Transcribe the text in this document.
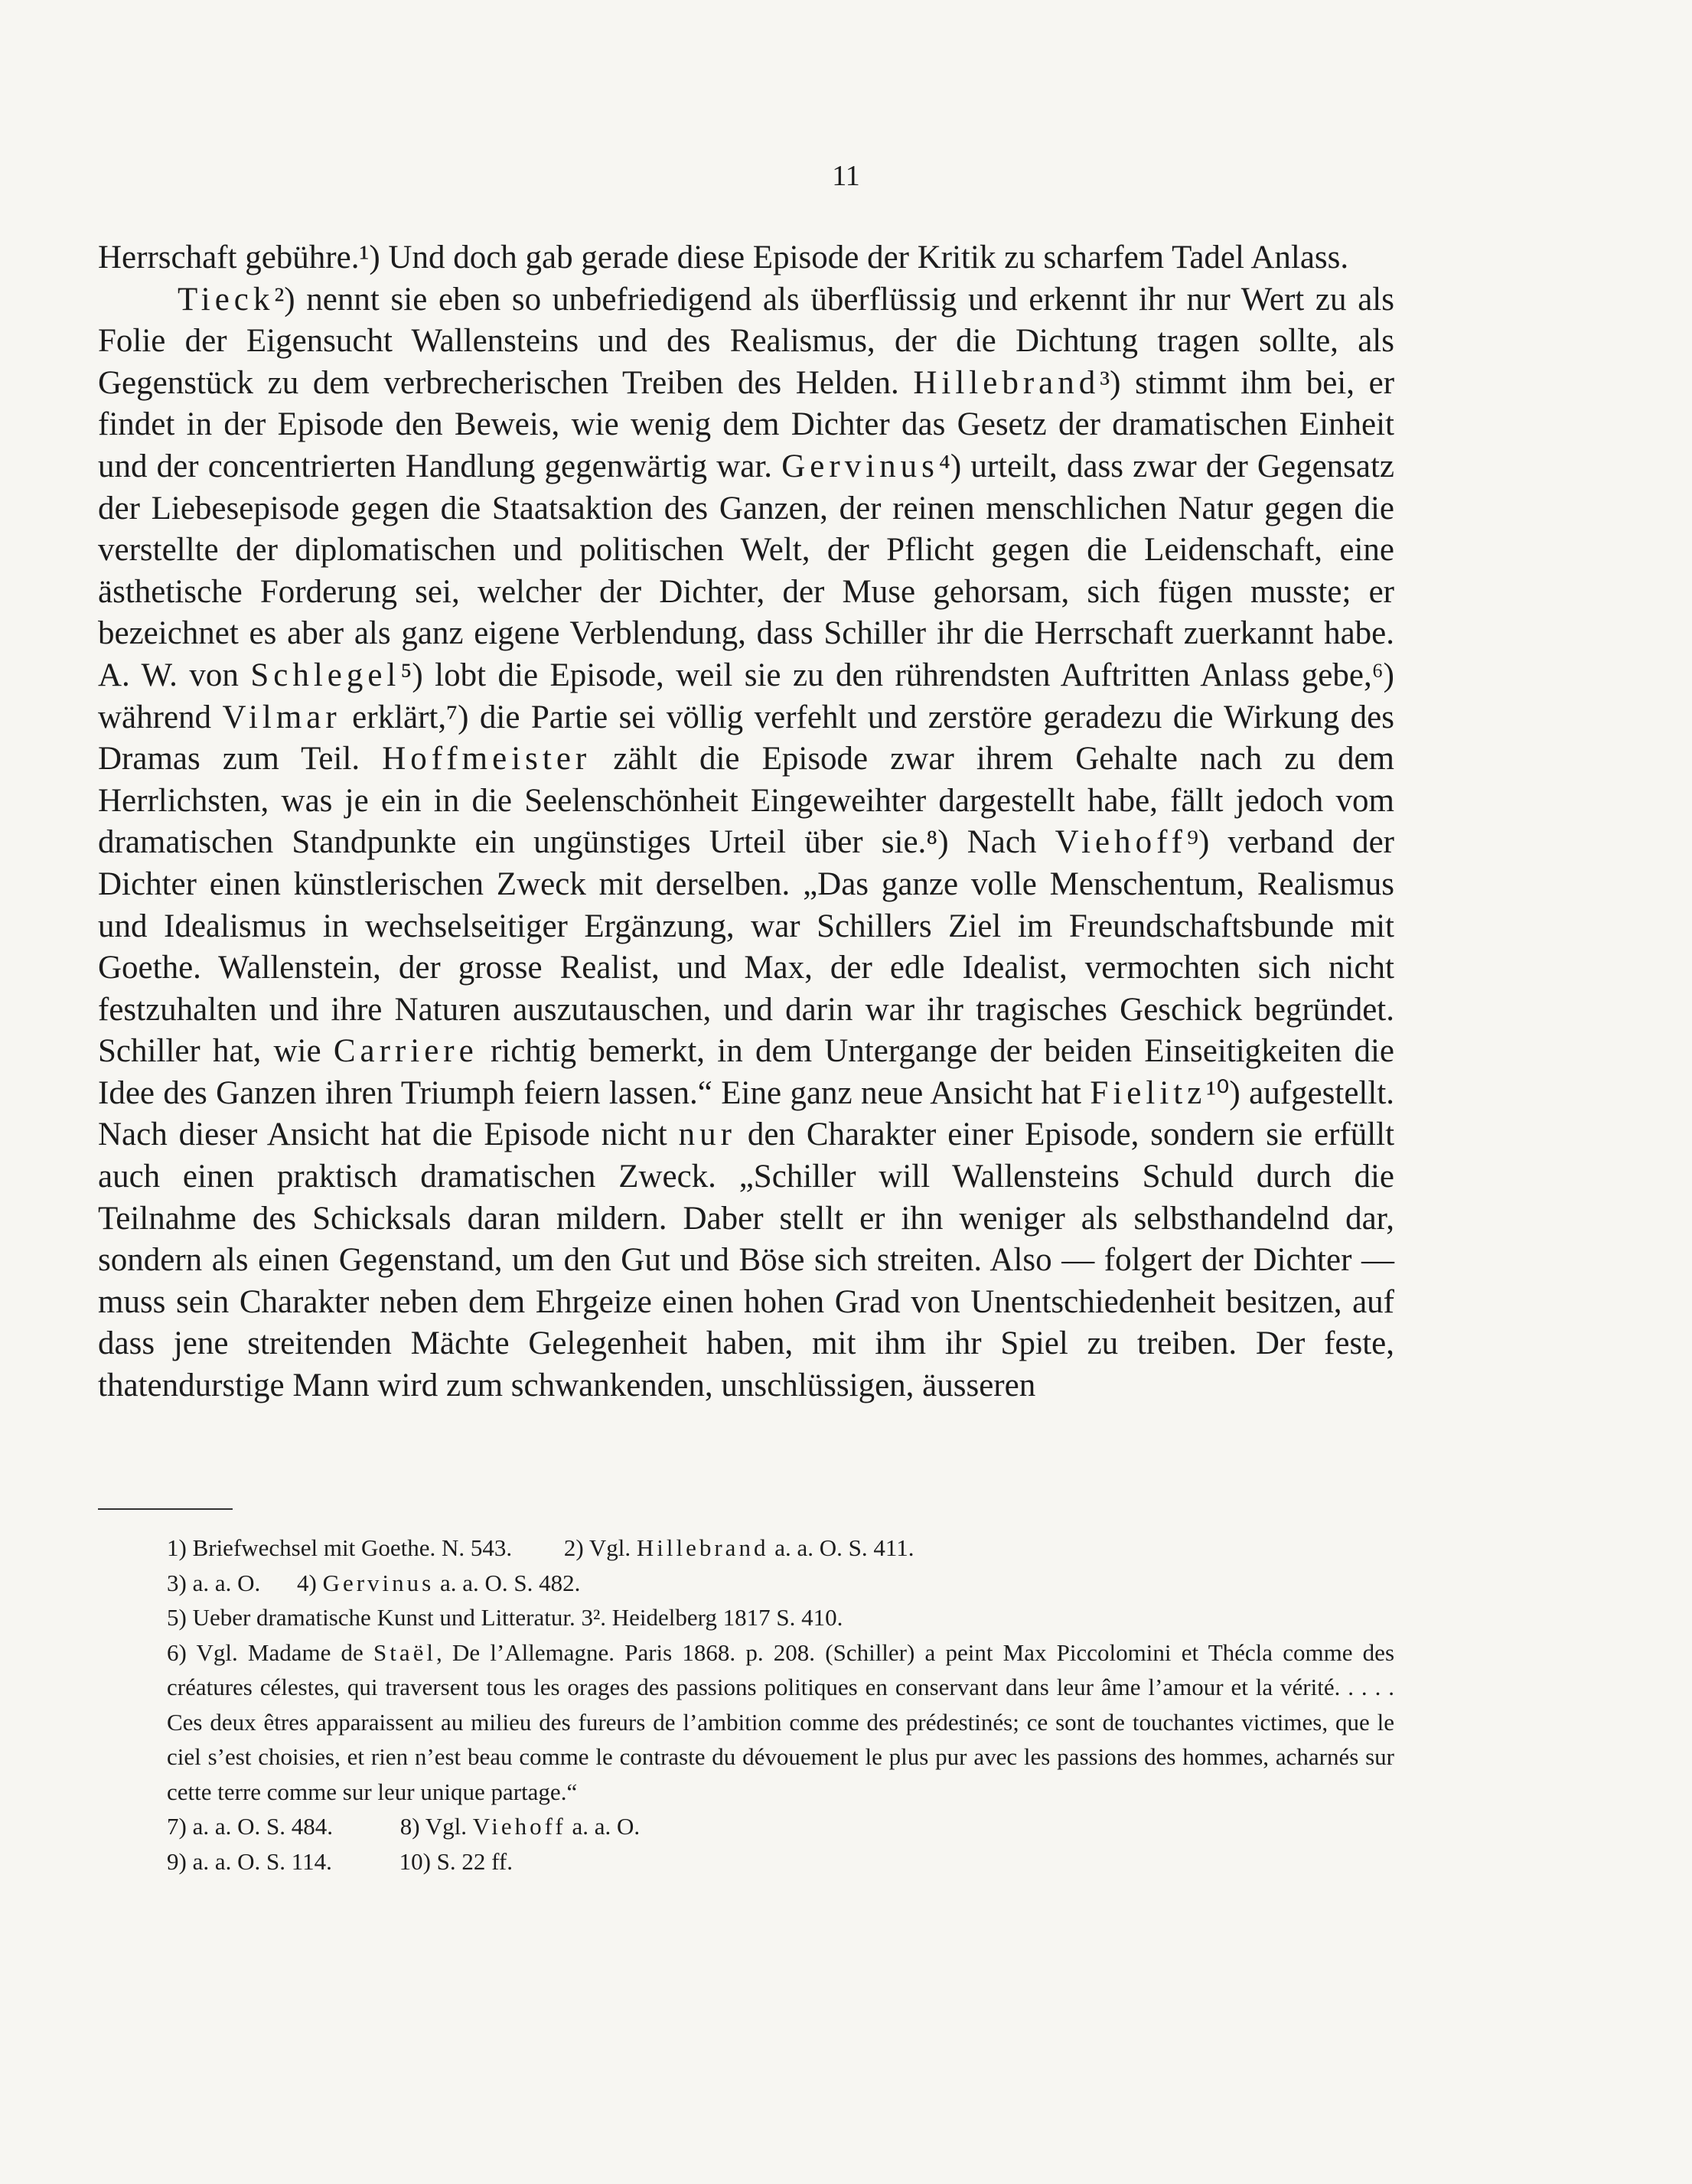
11

Herrschaft gebühre.¹) Und doch gab gerade diese Episode der Kritik zu scharfem Tadel Anlass.

Tieck²) nennt sie eben so unbefriedigend als überflüssig und erkennt ihr nur Wert zu als Folie der Eigensucht Wallensteins und des Realismus, der die Dichtung tragen sollte, als Gegenstück zu dem verbrecherischen Treiben des Helden. Hillebrand³) stimmt ihm bei, er findet in der Episode den Beweis, wie wenig dem Dichter das Gesetz der dramatischen Einheit und der concentrierten Handlung gegenwärtig war. Gervinus⁴) urteilt, dass zwar der Gegensatz der Liebesepisode gegen die Staatsaktion des Ganzen, der reinen menschlichen Natur gegen die verstellte der diplomatischen und politischen Welt, der Pflicht gegen die Leidenschaft, eine ästhetische Forderung sei, welcher der Dichter, der Muse gehorsam, sich fügen musste; er bezeichnet es aber als ganz eigene Verblendung, dass Schiller ihr die Herrschaft zuerkannt habe. A. W. von Schlegel⁵) lobt die Episode, weil sie zu den rührendsten Auftritten Anlass gebe,⁶) während Vilmar erklärt,⁷) die Partie sei völlig verfehlt und zerstöre geradezu die Wirkung des Dramas zum Teil. Hoffmeister zählt die Episode zwar ihrem Gehalte nach zu dem Herrlichsten, was je ein in die Seelenschönheit Eingeweihter dargestellt habe, fällt jedoch vom dramatischen Standpunkte ein ungünstiges Urteil über sie.⁸) Nach Viehoff⁹) verband der Dichter einen künstlerischen Zweck mit derselben. „Das ganze volle Menschentum, Realismus und Idealismus in wechselseitiger Ergänzung, war Schillers Ziel im Freundschaftsbunde mit Goethe. Wallenstein, der grosse Realist, und Max, der edle Idealist, vermochten sich nicht festzuhalten und ihre Naturen auszutauschen, und darin war ihr tragisches Geschick begründet. Schiller hat, wie Carriere richtig bemerkt, in dem Untergange der beiden Einseitigkeiten die Idee des Ganzen ihren Triumph feiern lassen.“ Eine ganz neue Ansicht hat Fielitz¹⁰) aufgestellt. Nach dieser Ansicht hat die Episode nicht nur den Charakter einer Episode, sondern sie erfüllt auch einen praktisch dramatischen Zweck. „Schiller will Wallensteins Schuld durch die Teilnahme des Schicksals daran mildern. Daber stellt er ihn weniger als selbsthandelnd dar, sondern als einen Gegenstand, um den Gut und Böse sich streiten. Also — folgert der Dichter — muss sein Charakter neben dem Ehrgeize einen hohen Grad von Unentschiedenheit besitzen, auf dass jene streitenden Mächte Gelegenheit haben, mit ihm ihr Spiel zu treiben. Der feste, thatendurstige Mann wird zum schwankenden, unschlüssigen, äusseren

1) Briefwechsel mit Goethe. N. 543. 2) Vgl. Hillebrand a. a. O. S. 411.
3) a. a. O. 4) Gervinus a. a. O. S. 482.
5) Ueber dramatische Kunst und Litteratur. 3². Heidelberg 1817 S. 410.
6) Vgl. Madame de Staël, De l’Allemagne. Paris 1868. p. 208. (Schiller) a peint Max Piccolomini et Thécla comme des créatures célestes, qui traversent tous les orages des passions politiques en conservant dans leur âme l’amour et la vérité. . . . . Ces deux êtres apparaissent au milieu des fureurs de l’ambition comme des prédestinés; ce sont de touchantes victimes, que le ciel s’est choisies, et rien n’est beau comme le contraste du dévouement le plus pur avec les passions des hommes, acharnés sur cette terre comme sur leur unique partage.“
7) a. a. O. S. 484.	8) Vgl. Viehoff a. a. O.
9) a. a. O. S. 114.	10) S. 22 ff.
